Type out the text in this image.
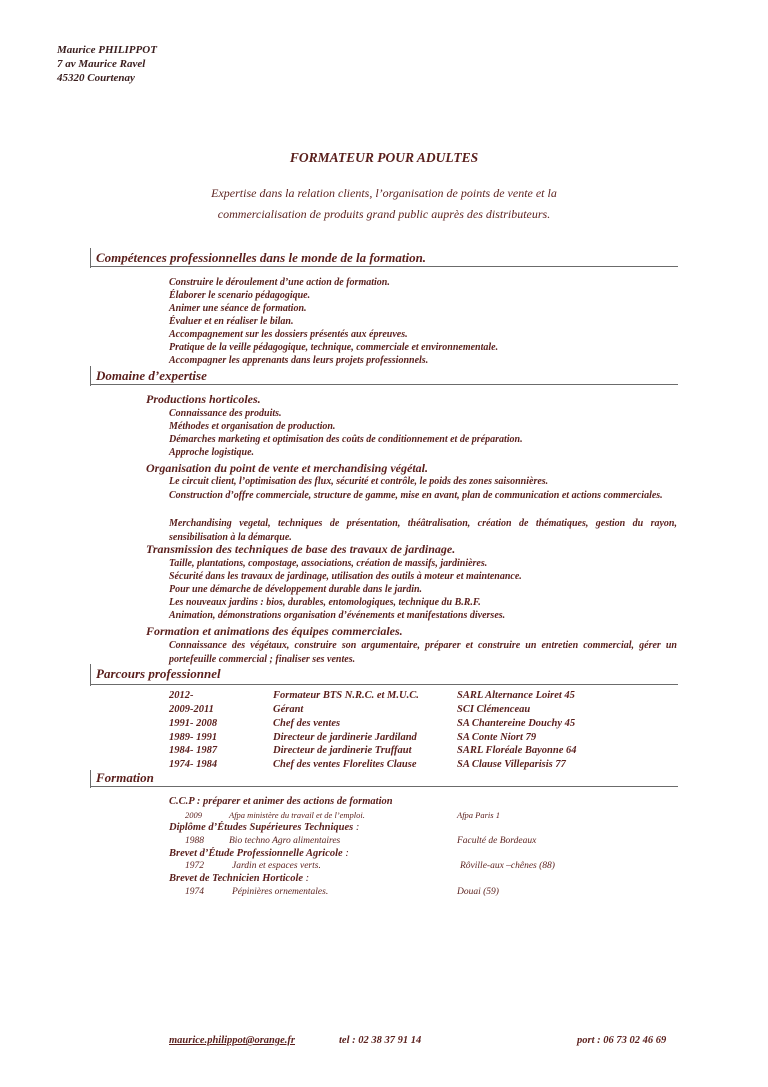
Maurice PHILIPPOT
7 av Maurice Ravel
45320 Courtenay
FORMATEUR POUR ADULTES
Expertise dans la relation clients, l’organisation de points de vente et la
commercialisation de produits grand public auprès des distributeurs.
Compétences professionnelles dans le monde de la formation.
Construire le déroulement d’une action de formation.
Élaborer le scenario pédagogique.
Animer une séance de formation.
Évaluer et en réaliser le bilan.
Accompagnement sur les dossiers présentés aux épreuves.
Pratique de la veille pédagogique, technique, commerciale et environnementale.
Accompagner les apprenants dans leurs projets professionnels.
Domaine d’expertise
Productions horticoles.
Connaissance des produits.
Méthodes et organisation de production.
Démarches marketing et optimisation des coûts de conditionnement et de préparation.
Approche logistique.
Organisation du point de vente et merchandising végétal.
Le circuit client, l’optimisation des flux, sécurité et contrôle, le poids des zones saisonnières.
Construction d’offre commerciale, structure de gamme, mise en avant, plan de communication et actions commerciales.
Merchandising vegetal, techniques de présentation, théâtralisation, création de thématiques, gestion du rayon, sensibilisation à la démarque.
Transmission des techniques de base des travaux de jardinage.
Taille, plantations, compostage, associations, création de massifs, jardinières.
Sécurité dans les travaux de jardinage, utilisation des outils à moteur et maintenance.
Pour une démarche de développement durable dans le jardin.
Les nouveaux jardins : bios, durables, entomologiques, technique du B.R.F.
Animation, démonstrations organisation d’événements et manifestations diverses.
Formation et animations des équipes commerciales.
Connaissance des végétaux, construire son argumentaire, préparer et construire un entretien commercial, gérer un portefeuille commercial ; finaliser ses ventes.
Parcours professionnel
2012-	Formateur BTS N.R.C. et M.U.C.	SARL Alternance Loiret 45
2009-2011	Gérant	SCI Clémenceau
1991- 2008	Chef des ventes	SA Chantereine Douchy 45
1989- 1991	Directeur de jardinerie Jardiland	SA Conte Niort 79
1984- 1987	Directeur de jardinerie Truffaut	SARL Floréale Bayonne 64
1974- 1984	Chef des ventes Florelites Clause	SA Clause Villeparisis 77
Formation
C.C.P : préparer et animer des actions de formation
2009	Afpa ministère du travail et de l’emploi.	Afpa Paris 1
Diplôme d’Études Supérieures Techniques :
1988	Bio techno Agro alimentaires	Faculté de Bordeaux
Brevet d’Étude Professionnelle Agricole :
1972	Jardin et espaces verts.	Rôville-aux –chênes (88)
Brevet de Technicien Horticole :
1974	Pépinières ornementales.	Douai (59)
maurice.philippot@orange.fr	tel : 02 38 37 91 14	port : 06 73 02 46 69
